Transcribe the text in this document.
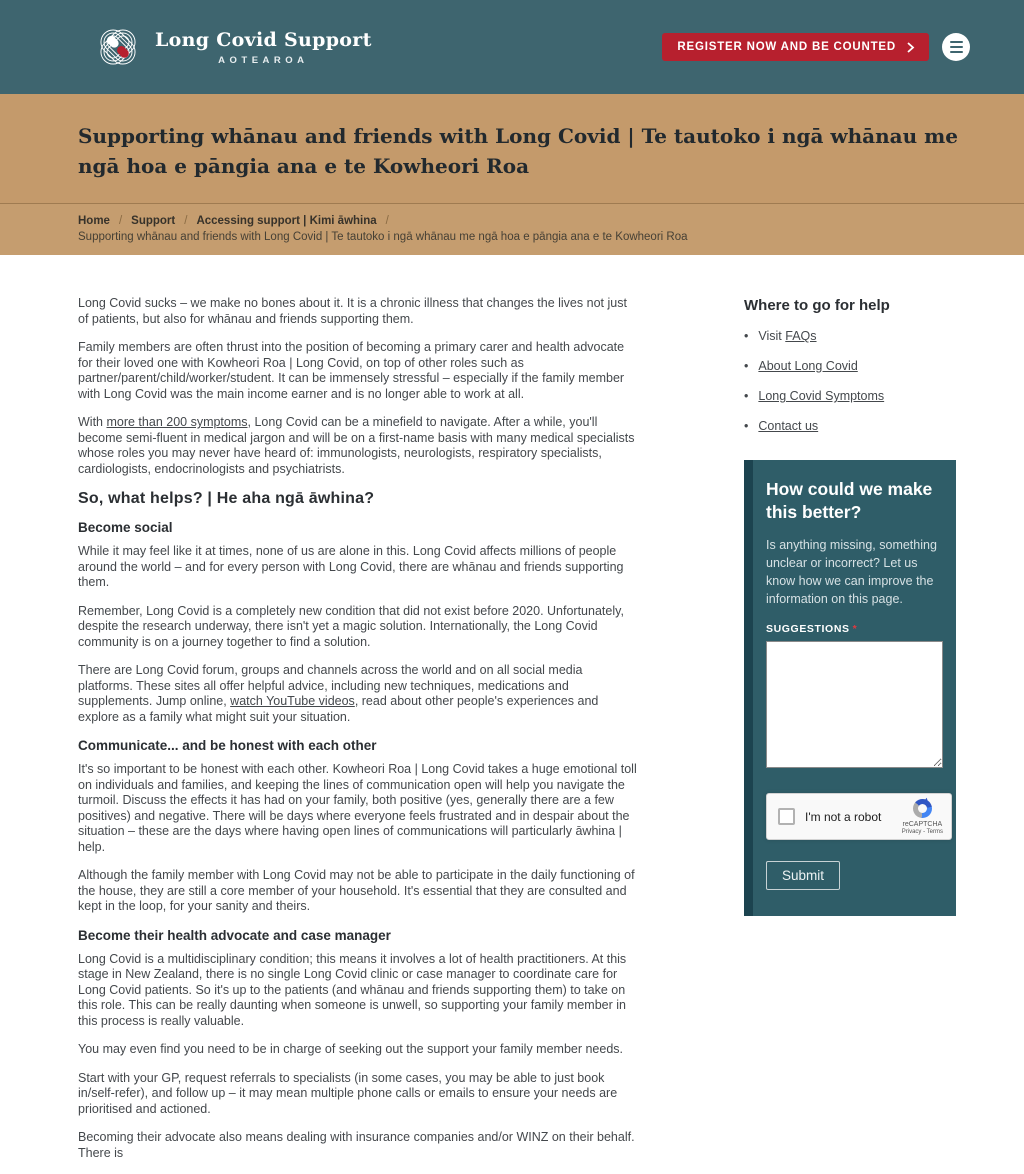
Long Covid Support
AOTEAROA
REGISTER NOW AND BE COUNTED
Supporting whānau and friends with Long Covid | Te tautoko i ngā whānau me ngā hoa e pāngia ana e te Kowheori Roa
Home / Support / Accessing support | Kimi āwhina /
Supporting whānau and friends with Long Covid | Te tautoko i ngā whānau me ngā hoa e pāngia ana e te Kowheori Roa

Long Covid sucks – we make no bones about it. It is a chronic illness that changes the lives not just of patients, but also for whānau and friends supporting them.

Family members are often thrust into the position of becoming a primary carer and health advocate for their loved one with Kowheori Roa | Long Covid, on top of other roles such as partner/parent/child/worker/student. It can be immensely stressful – especially if the family member with Long Covid was the main income earner and is no longer able to work at all.

With more than 200 symptoms, Long Covid can be a minefield to navigate. After a while, you'll become semi-fluent in medical jargon and will be on a first-name basis with many medical specialists whose roles you may never have heard of: immunologists, neurologists, respiratory specialists, cardiologists, endocrinologists and psychiatrists.

So, what helps? | He aha ngā āwhina?
Become social

While it may feel like it at times, none of us are alone in this. Long Covid affects millions of people around the world – and for every person with Long Covid, there are whānau and friends supporting them.

Remember, Long Covid is a completely new condition that did not exist before 2020. Unfortunately, despite the research underway, there isn't yet a magic solution. Internationally, the Long Covid community is on a journey together to find a solution.

There are Long Covid forum, groups and channels across the world and on all social media platforms. These sites all offer helpful advice, including new techniques, medications and supplements. Jump online, watch YouTube videos, read about other people's experiences and explore as a family what might suit your situation.

Communicate... and be honest with each other

It's so important to be honest with each other. Kowheori Roa | Long Covid takes a huge emotional toll on individuals and families, and keeping the lines of communication open will help you navigate the turmoil. Discuss the effects it has had on your family, both positive (yes, generally there are a few positives) and negative. There will be days where everyone feels frustrated and in despair about the situation – these are the days where having open lines of communications will particularly āwhina | help.

Although the family member with Long Covid may not be able to participate in the daily functioning of the house, they are still a core member of your household. It's essential that they are consulted and kept in the loop, for your sanity and theirs.

Become their health advocate and case manager

Long Covid is a multidisciplinary condition; this means it involves a lot of health practitioners. At this stage in New Zealand, there is no single Long Covid clinic or case manager to coordinate care for Long Covid patients. So it's up to the patients (and whānau and friends supporting them) to take on this role. This can be really daunting when someone is unwell, so supporting your family member in this process is really valuable.

You may even find you need to be in charge of seeking out the support your family member needs.

Start with your GP, request referrals to specialists (in some cases, you may be able to just book in/self-refer), and follow up – it may mean multiple phone calls or emails to ensure your needs are prioritised and actioned.

Becoming their advocate also means dealing with insurance companies and/or WINZ on their behalf. There is

Where to go for help
• Visit FAQs
• About Long Covid
• Long Covid Symptoms
• Contact us
How could we make this better?

Is anything missing, something unclear or incorrect? Let us know how we can improve the information on this page.

SUGGESTIONS *
I'm not a robot
reCAPTCHA
Privacy - Terms
Submit
